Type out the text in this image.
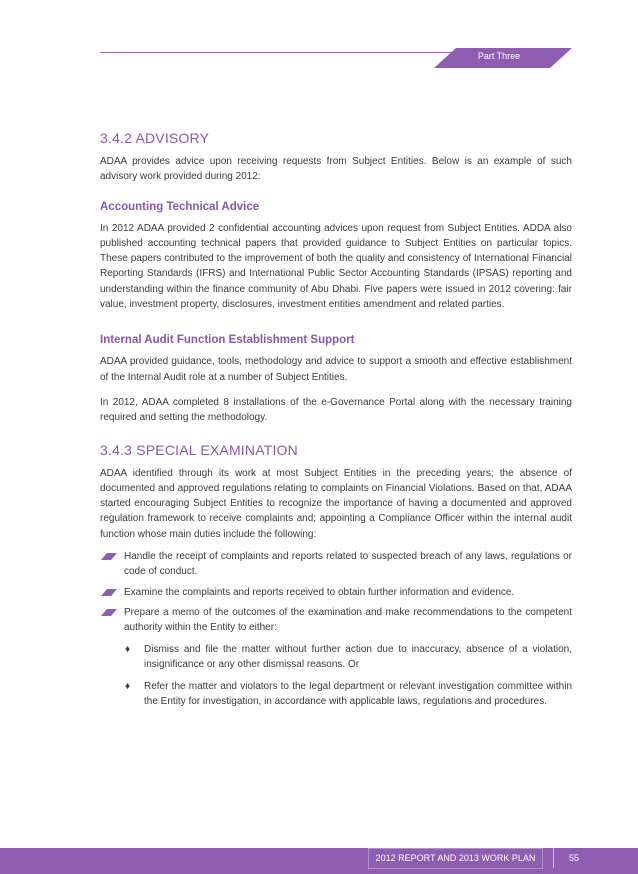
Part Three
3.4.2 ADVISORY

ADAA provides advice upon receiving requests from Subject Entities. Below is an example of such advisory work provided during 2012:

Accounting Technical Advice

In 2012 ADAA provided 2 confidential accounting advices upon request from Subject Entities. ADDA also published accounting technical papers that provided guidance to Subject Entities on particular topics. These papers contributed to the improvement of both the quality and consistency of International Financial Reporting Standards (IFRS) and International Public Sector Accounting Standards (IPSAS) reporting and understanding within the finance community of Abu Dhabi. Five papers were issued in 2012 covering: fair value, investment property, disclosures, investment entities amendment and related parties.

Internal Audit Function Establishment Support

ADAA provided guidance, tools, methodology and advice to support a smooth and effective establishment of the Internal Audit role at a number of Subject Entities.

In 2012, ADAA completed 8 installations of the e-Governance Portal along with the necessary training required and setting the methodology.

3.4.3 SPECIAL EXAMINATION

ADAA identified through its work at most Subject Entities in the preceding years; the absence of documented and approved regulations relating to complaints on Financial Violations. Based on that, ADAA started encouraging Subject Entities to recognize the importance of having a documented and approved regulation framework to receive complaints and; appointing a Compliance Officer within the internal audit function whose main duties include the following:

Handle the receipt of complaints and reports related to suspected breach of any laws, regulations or code of conduct.
Examine the complaints and reports received to obtain further information and evidence.
Prepare a memo of the outcomes of the examination and make recommendations to the competent authority within the Entity to either:
♦ Dismiss and file the matter without further action due to inaccuracy, absence of a violation, insignificance or any other dismissal reasons. Or
♦ Refer the matter and violators to the legal department or relevant investigation committee within the Entity for investigation, in accordance with applicable laws, regulations and procedures.
2012 REPORT AND 2013 WORK PLAN	55
